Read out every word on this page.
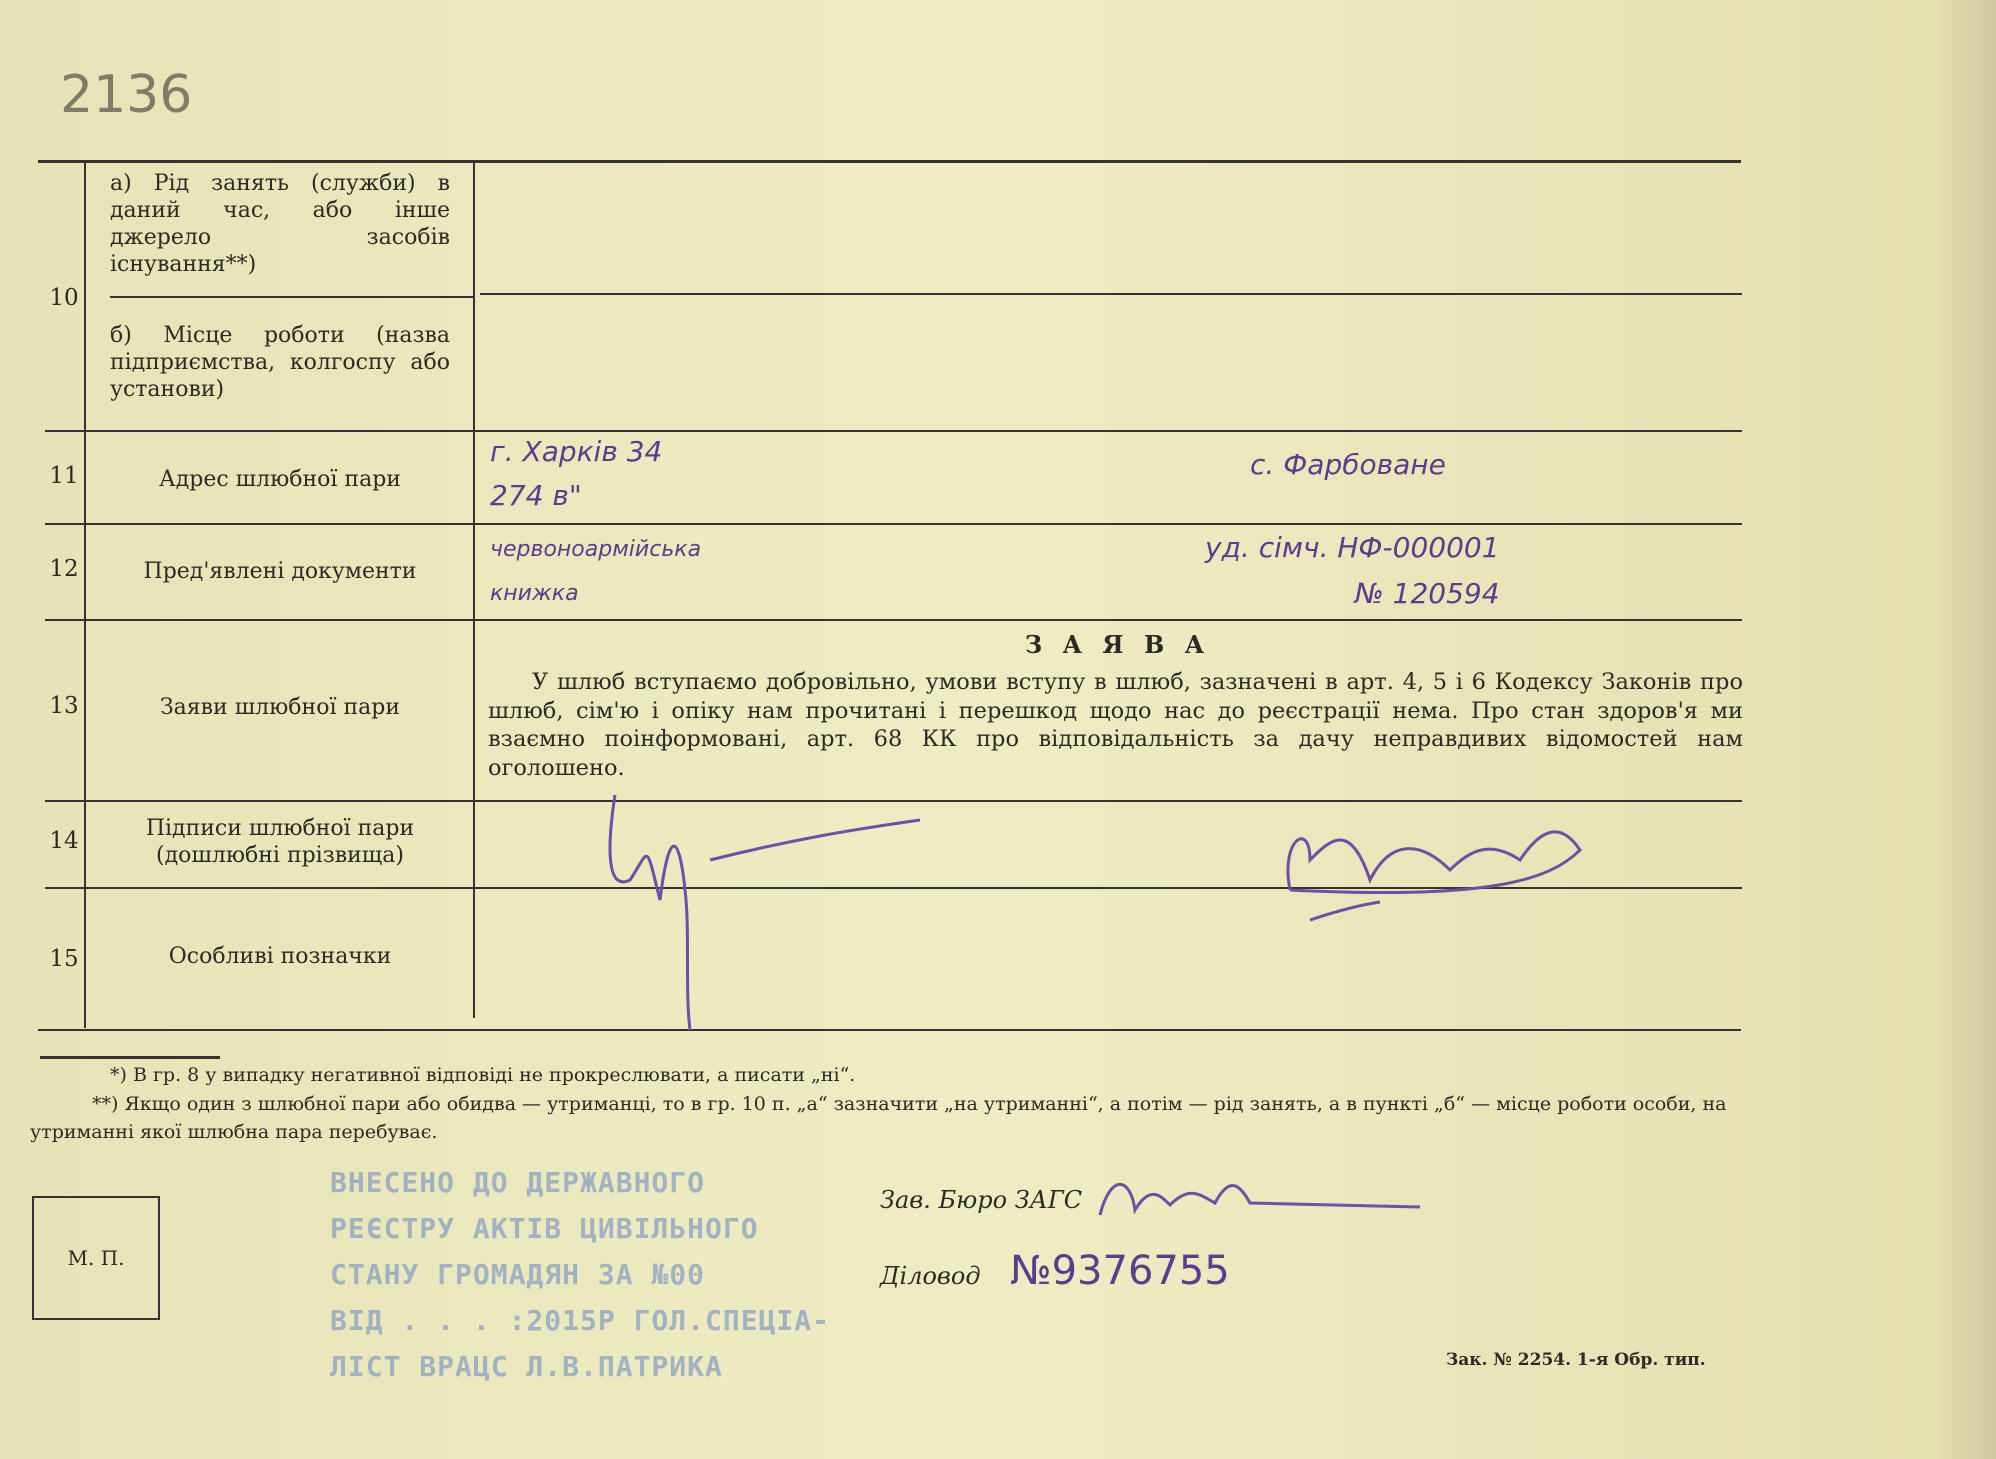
2136
10
а) Рід занять (служби) в даний час, або інше джерело засобів існування**)
б) Місце роботи (назва підприємства, колгоспу або установи)
11	Адрес шлюбної пари
г. Харків 34
274 в"
с. Фарбоване
12	Пред'явлені документи
червоноармійська
книжка
уд. сімч. НФ-000001
№ 120594
13	Заяви шлюбної пари
З А Я В А
У шлюб вступаємо добровільно, умови вступу в шлюб, зазначені в арт. 4, 5 і 6 Кодексу Законів про шлюб, сім'ю і опіку нам прочитані і перешкод щодо нас до реєстрації нема. Про стан здоров'я ми взаємно поінформовані, арт. 68 КК про відповідальність за дачу неправдивих відомостей нам оголошено.
14	Підписи шлюбної пари (дошлюбні прізвища)
15	Особливі позначки
*) В гр. 8 у випадку негативної відповіді не прокреслювати, а писати „ні“.
**) Якщо один з шлюбної пари або обидва — утриманці, то в гр. 10 п. „а“ зазначити „на утриманні“, а потім — рід занять, а в пункті „б“ — місце роботи особи, на утриманні якої шлюбна пара перебуває.
ВНЕСЕНО ДО ДЕРЖАВНОГО
РЕЄСТРУ АКТІВ ЦИВІЛЬНОГО
СТАНУ ГРОМАДЯН ЗА №00
ВІД . . . :2015Р ГОЛ.СПЕЦІА-
ЛІСТ ВРАЦС Л.В.ПАТРИКА
М. П.
Зав. Бюро ЗАГС
Діловод №9376755
Зак. № 2254. 1-я Обр. тип.
